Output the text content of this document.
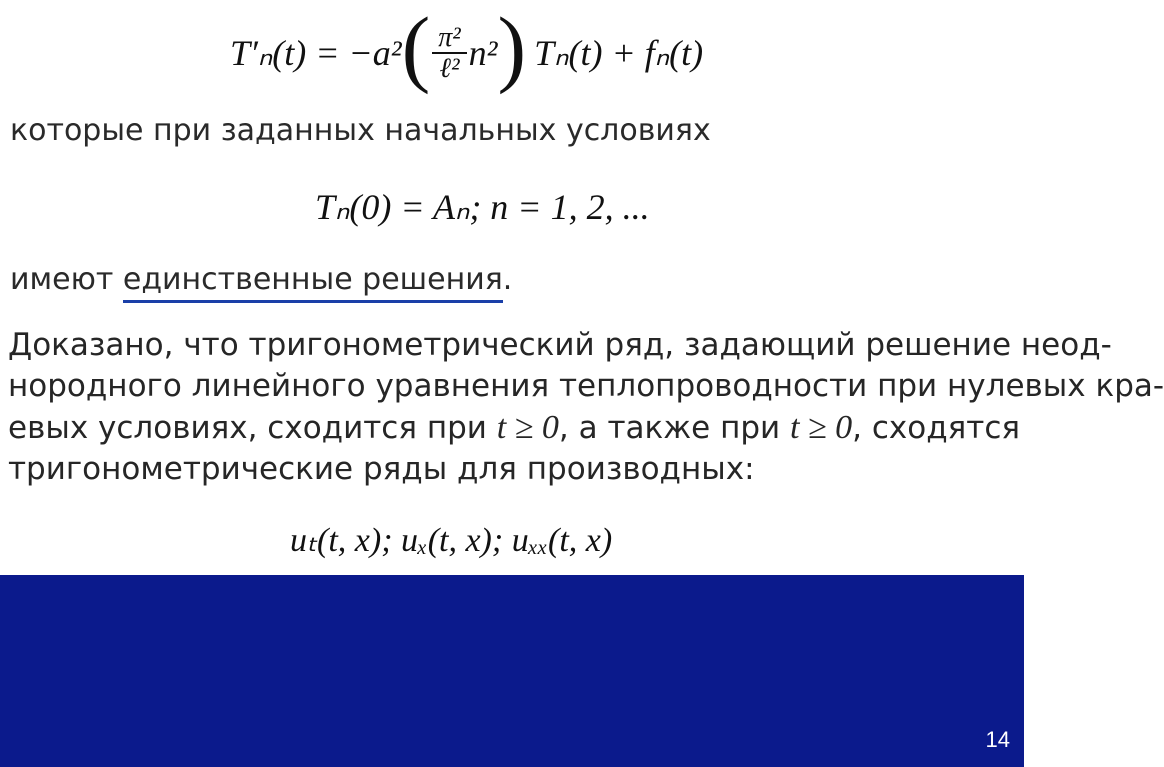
T′ₙ(t) = −a² ( $\frac{\text{π²}}{\text{ℓ²}} n^2$ ) Tₙ(t) + fₙ(t)
которые при заданных начальных условиях
Tₙ(0) = Aₙ; n = 1, 2, ...
имеют единственные решения.
Доказано, что тригонометрический ряд, задающий решение неод-
нородного линейного уравнения теплопроводности при нулевых кра-
евых условиях, сходится при t ≥ 0, а также при t ≥ 0, сходятся
тригонометрические ряды для производных:
uₜ(t, x); uₓ(t, x); uₓₓ(t, x)
14
